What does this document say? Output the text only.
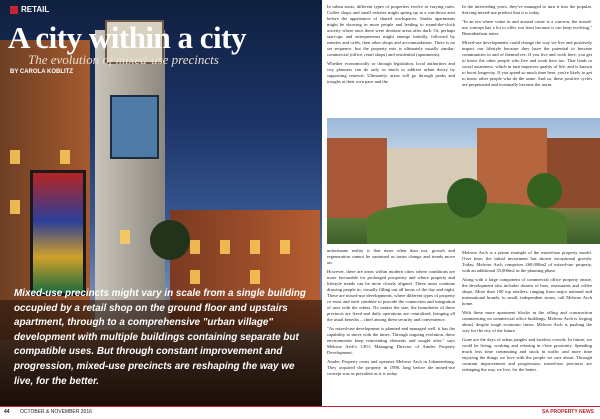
RETAIL
A city within a city
The evolution of mixed-use precincts
BY CAROLA KOBLITZ
Mixed-use precincts might vary in scale from a single building occupied by a retail shop on the ground floor and upstairs apartment, through to a comprehensive "urban village" development with multiple buildings containing separate but compatible uses. But through constant improvement and progression, mixed-use precincts are reshaping the way we live, for the better.

In urban areas, different types of properties evolve at varying rates. Coffee shops and small eateries might spring up in a run-down area before the appearance of shared workspaces. Studio apartments might be showing in more people and leading to round-the-clock activity where once there were desolate areas after dark. Or, perhaps start-ups and entrepreneurs might emerge initially, followed by eateries and cafés, then other shops and accommodation. There is no set sequence, but the property mix is ultimately usually similar: commercial (office, retail shops) and residential (apartments).

Whether economically or through legislation, local authorities and city planners can do only so much to address urban decay by supporting renewal. Ultimately, areas will go through peaks and troughs at their own pace and the

In the interceding years, they've managed to turn it into the popular, thriving mixed-use product that it is today.

"In an era where crime in and around crime is a concern, the mixed-use concept has a lot to offer, not least because it can keep evolving," Bezuidenhout notes.

Mixed-use developments could change the way we live and positively impact our lifestyle because they have the potential to become communities in and of themselves. If you live and work here, you get to know the other people who live and work here too. That leads to social awareness, which in turn improves quality of life, and is known to boost longevity. If you spend so much time here, you're likely to get to know other people who do the same. And so, these positive cycles are perpetuated and eventually become the norm.

unfortunate reality is that more often than not, growth and regeneration cannot be sustained as tastes change and trends move on.

However, there are areas within modern cities where conditions are more favourable for prolonged prosperity and where property and lifestyle trends can be more closely aligned. These areas continue drawing people in, visually filling out all hours of the day and night. These are mixed-use developments, where different types of property co-exist and each combine to provide the connection and integration of uses with the others. No matter the size, the boundaries of these precincts are fixed and daily operations are centralised, bringing all the usual benefits – chief among them security and convenience.

"As mixed-use development is planned and managed well, it has the capability to move with the times. Through ongoing evolution, these environments keep reinventing elements and sought after," says Melrose Arch's CEO, Managing Director of Amdec Property Development.

Amdec Property owns and operates Melrose Arch in Johannesburg. They acquired the property in 1998, long before the mixed-use concept was as prevalent as it is today.

Melrose Arch is a prime example of the mixed-use property model. Over time, the initial investment has shown exceptional growth. Today, Melrose Arch comprises 260,000m2 of mixed-use property, with an additional 35,000m2 in the planning phase.

Along with a large component of commercial office property onsite, the development also includes dozens of bars, restaurants and coffee shops. More than 100 top retailers, ranging from major national and international brands, to small, independent stores, call Melrose Arch home.

With these more apartment blocks in the offing and construction commencing on commercial office buildings, Melrose Arch is forging ahead, despite tough economic times. Melrose Arch is pushing the way for the city of the future.

Gone are the days of urban jungles and faceless crowds. In future, we could be living, working and relaxing in close proximity. Spending much less time commuting and stuck in traffic and more time enjoying the things we love with the people we care about. Through constant improvement and progression, mixed-use precincts are reshaping the way we live, for the better.

44 OCTOBER & NOVEMBER 2016	SA PROPERTY NEWS
